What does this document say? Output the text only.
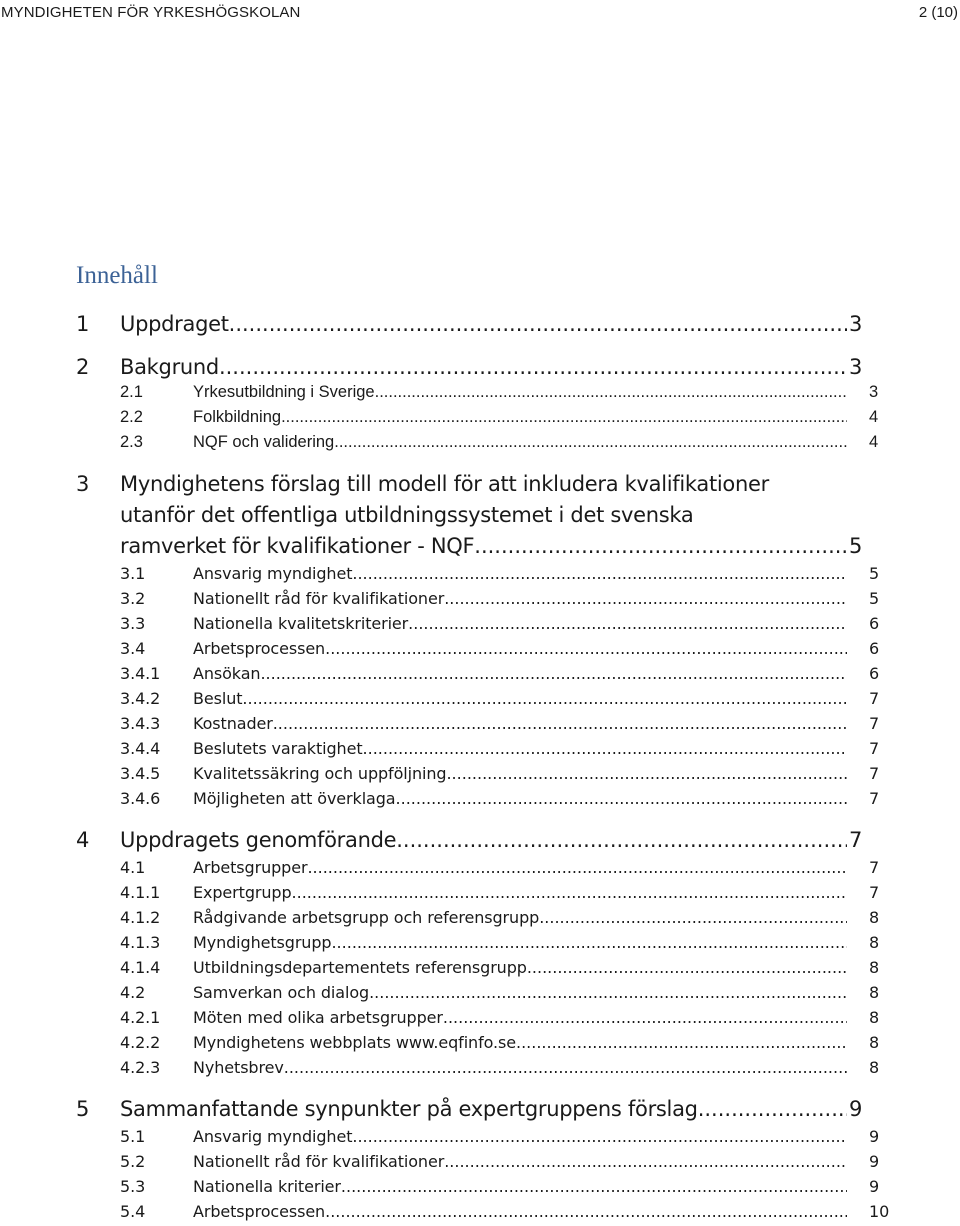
MYNDIGHETEN FÖR YRKESHÖGSKOLAN	2 (10)
Innehåll
1 Uppdraget .....	3
2 Bakgrund .....	3
2.1	Yrkesutbildning i Sverige .....	3
2.2	Folkbildning .....	4
2.3	NQF och validering .....	4
3 Myndighetens förslag till modell för att inkludera kvalifikationer
utanför det offentliga utbildningssystemet i det svenska
ramverket för kvalifikationer - NQF .....	5
3.1	Ansvarig myndighet .....	5
3.2	Nationellt råd för kvalifikationer .....	5
3.3	Nationella kvalitetskriterier .....	6
3.4	Arbetsprocessen .....	6
3.4.1 Ansökan .....	6
3.4.2 Beslut .....	7
3.4.3 Kostnader .....	7
3.4.4 Beslutets varaktighet .....	7
3.4.5 Kvalitetssäkring och uppföljning .....	7
3.4.6 Möjligheten att överklaga .....	7
4 Uppdragets genomförande .....	7
4.1	Arbetsgrupper .....	7
4.1.1 Expertgrupp .....	7
4.1.2 Rådgivande arbetsgrupp och referensgrupp .....	8
4.1.3 Myndighetsgrupp .....	8
4.1.4 Utbildningsdepartementets referensgrupp .....	8
4.2	Samverkan och dialog .....	8
4.2.1 Möten med olika arbetsgrupper .....	8
4.2.2 Myndighetens webbplats www.eqfinfo.se .....	8
4.2.3 Nyhetsbrev .....	8
5 Sammanfattande synpunkter på expertgruppens förslag .....	9
5.1	Ansvarig myndighet .....	9
5.2	Nationellt råd för kvalifikationer .....	9
5.3	Nationella kriterier .....	9
5.4	Arbetsprocessen .....	10
